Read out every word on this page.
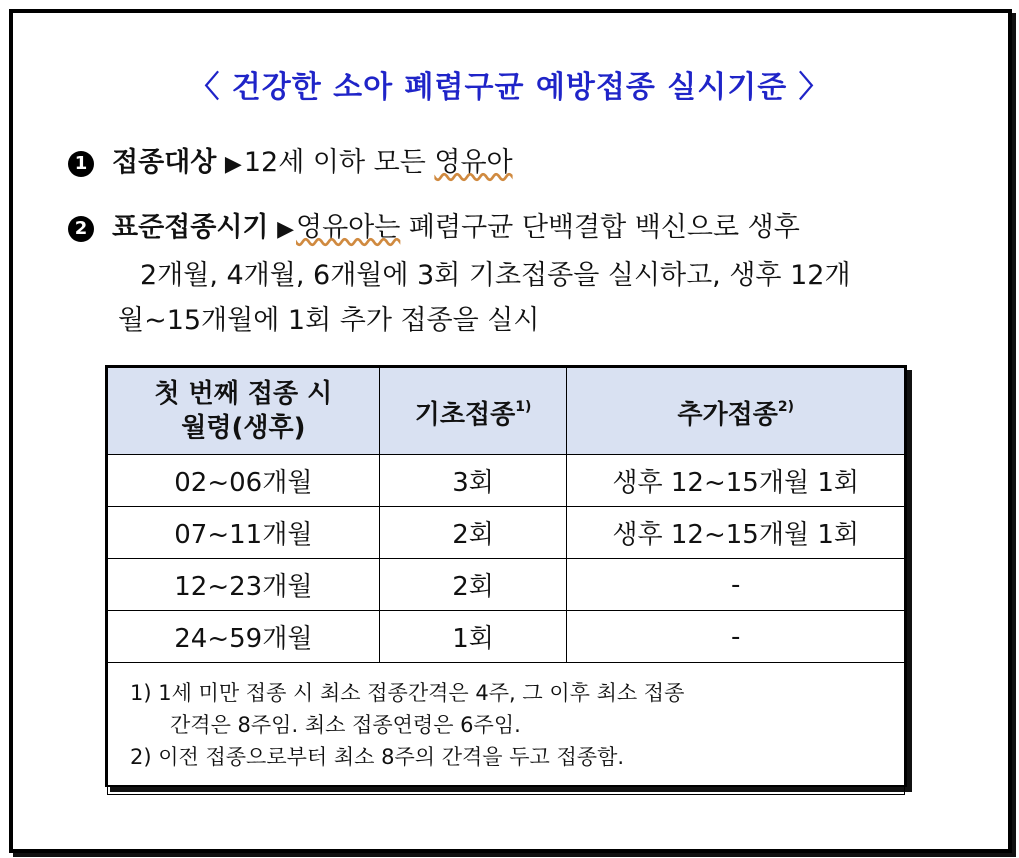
〈 건강한 소아 폐렴구균 예방접종 실시기준 〉
1 접종대상 ▶12세 이하 모든 영유아
2 표준접종시기 ▶영유아는 폐렴구균 단백결합 백신으로 생후
2개월, 4개월, 6개월에 3회 기초접종을 실시하고, 생후 12개
월~15개월에 1회 추가 접종을 실시
첫 번째 접종 시
월령(생후)	기초접종$^{1)}$	추가접종$^{2)}$
02~06개월	3회	생후 12~15개월 1회
07~11개월	2회	생후 12~15개월 1회
12~23개월	2회	-
24~59개월	1회	-

1) 1세 미만 접종 시 최소 접종간격은 4주, 그 이후 최소 접종
간격은 8주임. 최소 접종연령은 6주임.
2) 이전 접종으로부터 최소 8주의 간격을 두고 접종함.		
